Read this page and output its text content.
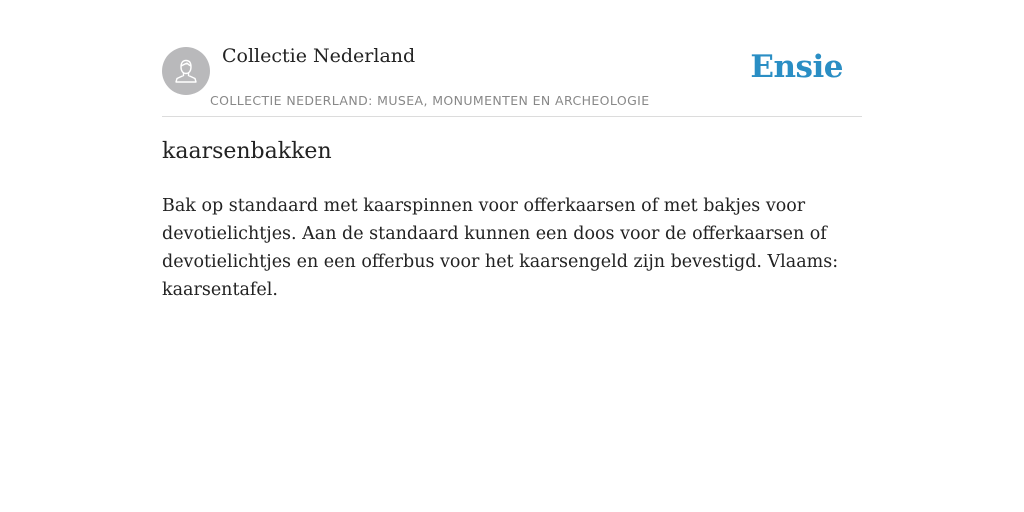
Collectie Nederland
COLLECTIE NEDERLAND: MUSEA, MONUMENTEN EN ARCHEOLOGIE
Ensie
kaarsenbakken

Bak op standaard met kaarspinnen voor offerkaarsen of met bakjes voor devotielichtjes. Aan de standaard kunnen een doos voor de offerkaarsen of devotielichtjes en een offerbus voor het kaarsengeld zijn bevestigd. Vlaams: kaarsentafel.
